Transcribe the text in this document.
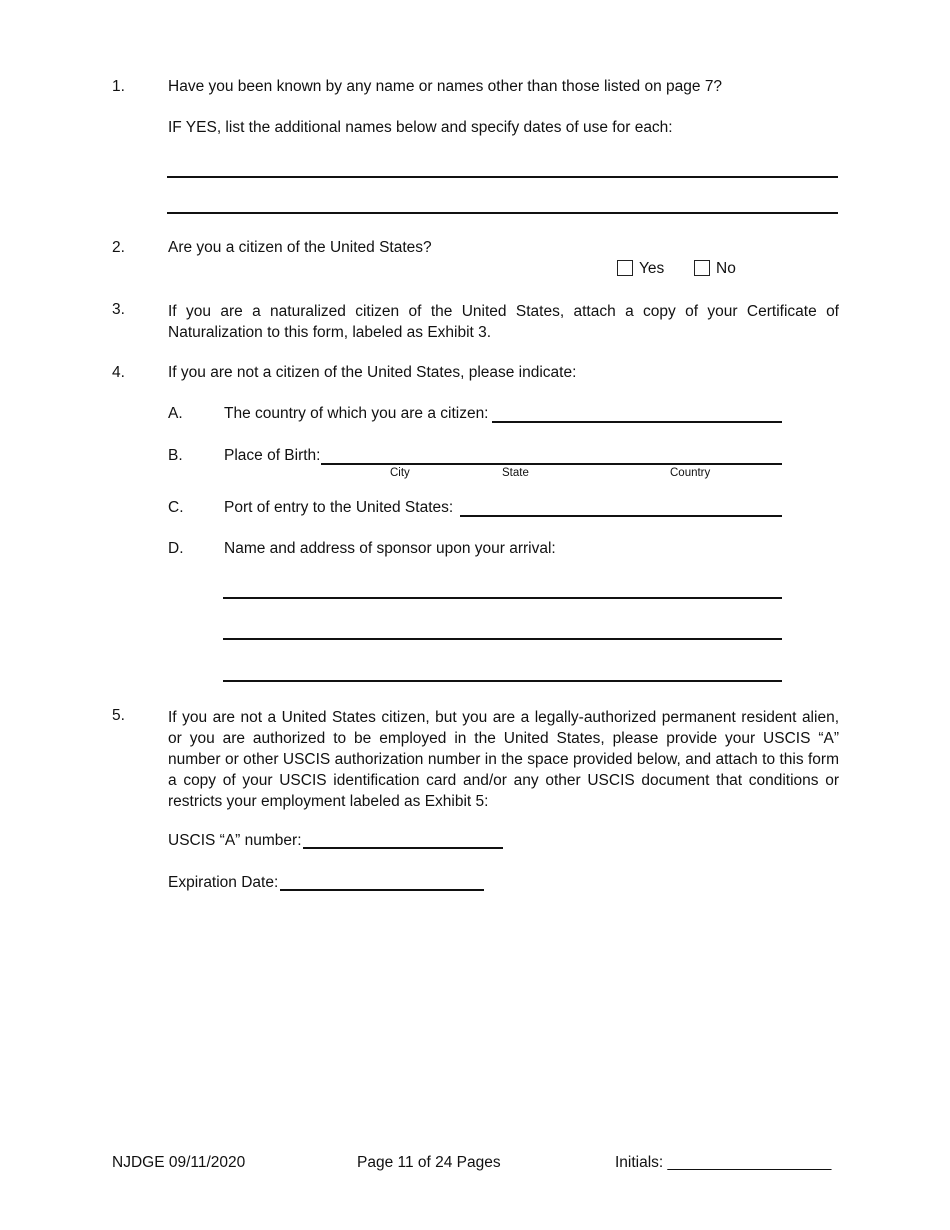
1.	Have you been known by any name or names other than those listed on page 7?
IF YES, list the additional names below and specify dates of use for each:
2.	Are you a citizen of the United States?
Yes	No
3.	If you are a naturalized citizen of the United States, attach a copy of your Certificate of Naturalization to this form, labeled as Exhibit 3.
4.	If you are not a citizen of the United States, please indicate:
A.	The country of which you are a citizen:
B.	Place of Birth:
City	State	Country
C.	Port of entry to the United States:
D.	Name and address of sponsor upon your arrival:
5.	If you are not a United States citizen, but you are a legally-authorized permanent resident alien, or you are authorized to be employed in the United States, please provide your USCIS “A” number or other USCIS authorization number in the space provided below, and attach to this form a copy of your USCIS identification card and/or any other USCIS document that conditions or restricts your employment labeled as Exhibit 5:
USCIS “A” number:
Expiration Date:
NJDGE 09/11/2020	Page 11 of 24 Pages	Initials: ___________________
